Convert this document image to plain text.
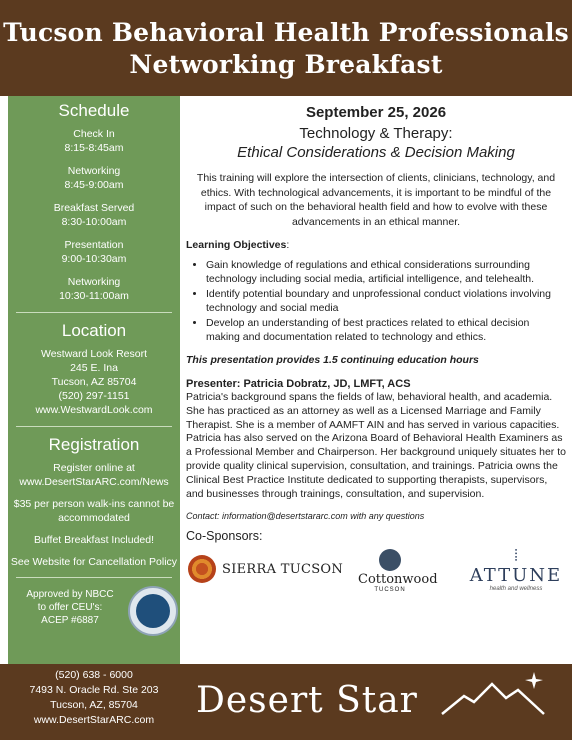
Tucson Behavioral Health Professionals
Networking Breakfast
Schedule
Check In
8:15-8:45am
Networking
8:45-9:00am
Breakfast Served
8:30-10:00am
Presentation
9:00-10:30am
Networking
10:30-11:00am
Location
Westward Look Resort
245 E. Ina
Tucson, AZ 85704
(520) 297-1151
www.WestwardLook.com
Registration
Register online at www.DesertStarARC.com/News
$35 per person walk-ins cannot be accommodated
Buffet Breakfast Included!
See Website for Cancellation Policy
Approved by NBCC
to offer CEU's:
ACEP #6887
September 25, 2026
Technology & Therapy:
Ethical Considerations & Decision Making

This training will explore the intersection of clients, clinicians, technology, and ethics. With technological advancements, it is important to be mindful of the impact of such on the behavioral health field and how to evolve with these advancements in an ethical manner.

Learning Objectives:
• Gain knowledge of regulations and ethical considerations surrounding technology including social media, artificial intelligence, and telehealth.
• Identify potential boundary and unprofessional conduct violations involving technology and social media
• Develop an understanding of best practices related to ethical decision making and documentation related to technology and ethics.
This presentation provides 1.5 continuing education hours
Presenter: Patricia Dobratz, JD, LMFT, ACS

Patricia's background spans the fields of law, behavioral health, and academia. She has practiced as an attorney as well as a Licensed Marriage and Family Therapist. She is a member of AAMFT AIN and has served in various capacities. Patricia has also served on the Arizona Board of Behavioral Health Examiners as a Professional Member and Chairperson. Her background uniquely situates her to provide quality clinical supervision, consultation, and trainings. Patricia owns the Clinical Best Practice Institute dedicated to supporting therapists, supervisors, and businesses through trainings, consultation, and supervision.

Contact: information@desertstararc.com with any questions
Co-Sponsors:
SIERRA TUCSON
Cottonwood
TUCSON
⦙
ATTUNE
health and wellness
(520) 638 - 6000
7493 N. Oracle Rd. Ste 203
Tucson, AZ, 85704
www.DesertStarARC.com	Desert Star
